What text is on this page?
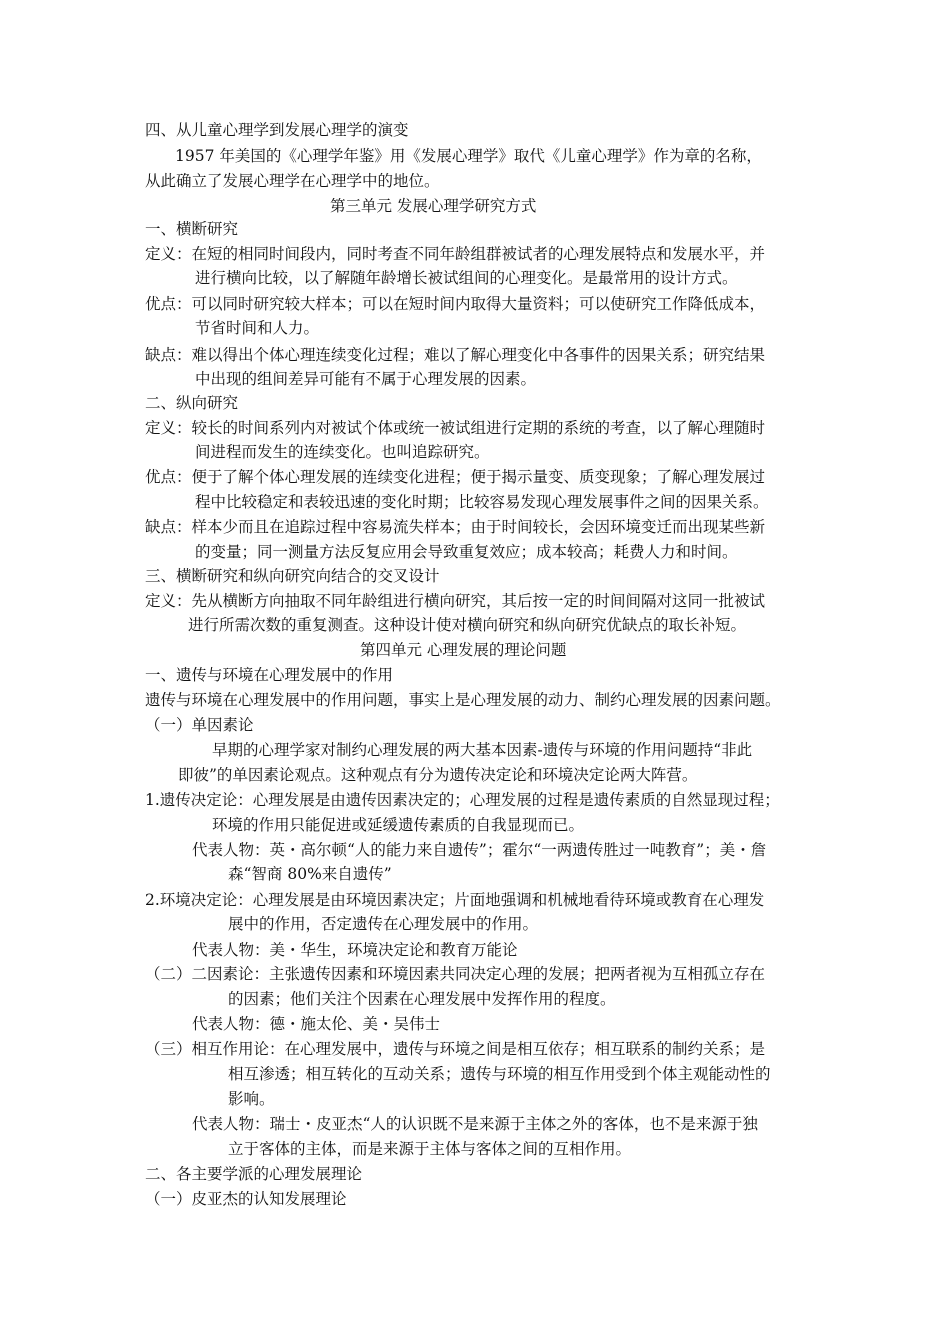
四、从儿童心理学到发展心理学的演变
1957 年美国的《心理学年鉴》用《发展心理学》取代《儿童心理学》作为章的名称，
从此确立了发展心理学在心理学中的地位。
第三单元 发展心理学研究方式
一、横断研究
定义：在短的相同时间段内，同时考查不同年龄组群被试者的心理发展特点和发展水平，并
进行横向比较，以了解随年龄增长被试组间的心理变化。是最常用的设计方式。
优点：可以同时研究较大样本；可以在短时间内取得大量资料；可以使研究工作降低成本，
节省时间和人力。
缺点：难以得出个体心理连续变化过程；难以了解心理变化中各事件的因果关系；研究结果
中出现的组间差异可能有不属于心理发展的因素。
二、纵向研究
定义：较长的时间系列内对被试个体或统一被试组进行定期的系统的考查，以了解心理随时
间进程而发生的连续变化。也叫追踪研究。
优点：便于了解个体心理发展的连续变化进程；便于揭示量变、质变现象；了解心理发展过
程中比较稳定和表较迅速的变化时期；比较容易发现心理发展事件之间的因果关系。
缺点：样本少而且在追踪过程中容易流失样本；由于时间较长，会因环境变迁而出现某些新
的变量；同一测量方法反复应用会导致重复效应；成本较高；耗费人力和时间。
三、横断研究和纵向研究向结合的交叉设计
定义：先从横断方向抽取不同年龄组进行横向研究，其后按一定的时间间隔对这同一批被试
进行所需次数的重复测查。这种设计使对横向研究和纵向研究优缺点的取长补短。
第四单元 心理发展的理论问题
一、遗传与环境在心理发展中的作用
遗传与环境在心理发展中的作用问题，事实上是心理发展的动力、制约心理发展的因素问题。
（一）单因素论
早期的心理学家对制约心理发展的两大基本因素-遗传与环境的作用问题持“非此
即彼”的单因素论观点。这种观点有分为遗传决定论和环境决定论两大阵营。
1.遗传决定论：心理发展是由遗传因素决定的；心理发展的过程是遗传素质的自然显现过程；
环境的作用只能促进或延缓遗传素质的自我显现而已。
代表人物：英・高尔顿“人的能力来自遗传”；霍尔“一两遗传胜过一吨教育”；美・詹
森“智商 80%来自遗传”
2.环境决定论：心理发展是由环境因素决定；片面地强调和机械地看待环境或教育在心理发
展中的作用，否定遗传在心理发展中的作用。
代表人物：美・华生，环境决定论和教育万能论
（二）二因素论：主张遗传因素和环境因素共同决定心理的发展；把两者视为互相孤立存在
的因素；他们关注个因素在心理发展中发挥作用的程度。
代表人物：德・施太伦、美・吴伟士
（三）相互作用论：在心理发展中，遗传与环境之间是相互依存；相互联系的制约关系；是
相互渗透；相互转化的互动关系；遗传与环境的相互作用受到个体主观能动性的
影响。
代表人物：瑞士・皮亚杰“人的认识既不是来源于主体之外的客体，也不是来源于独
立于客体的主体，而是来源于主体与客体之间的互相作用。
二、各主要学派的心理发展理论
（一）皮亚杰的认知发展理论
